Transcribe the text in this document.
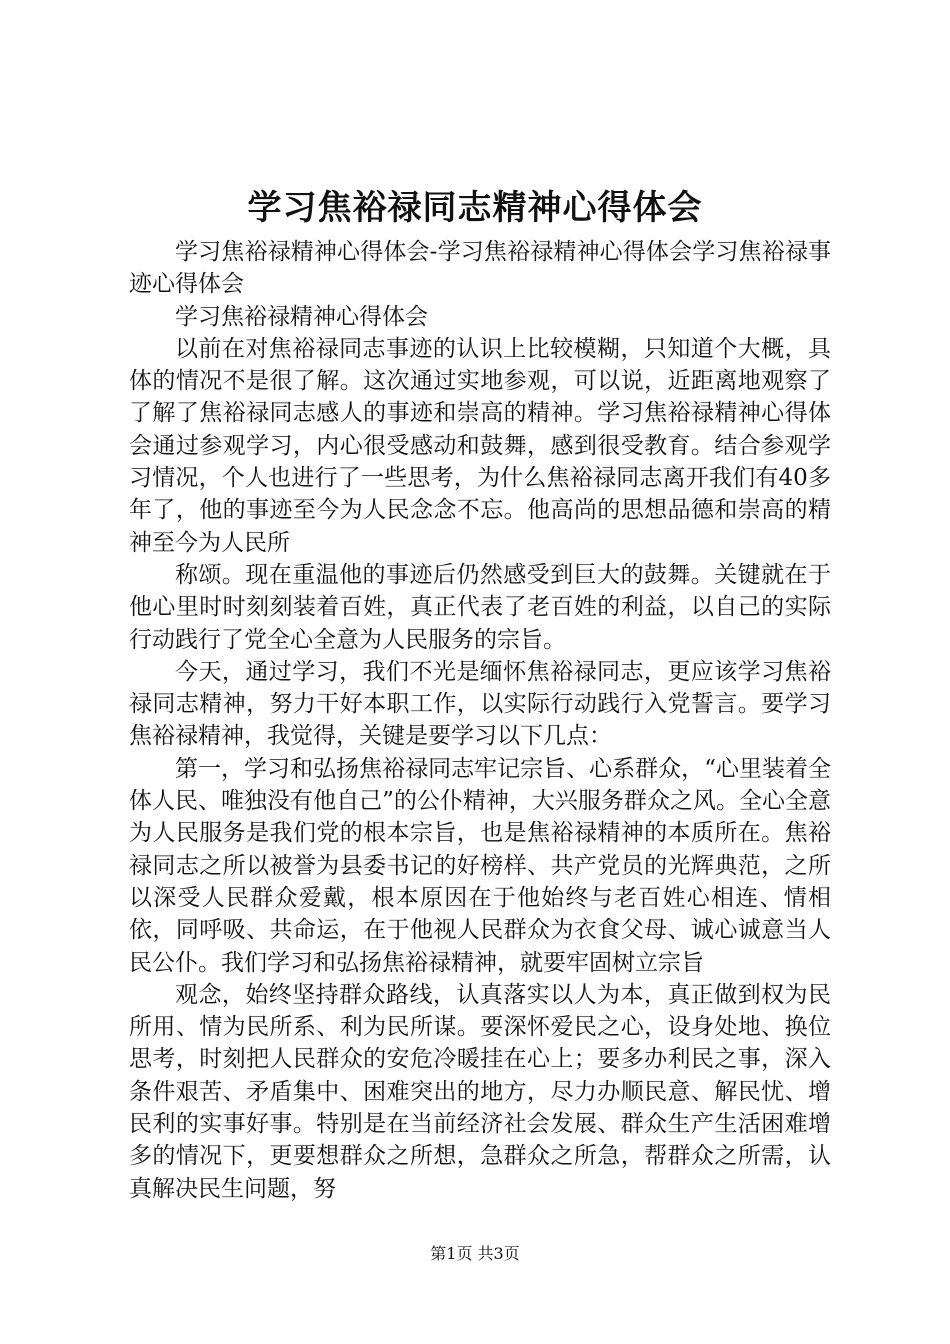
学习焦裕禄同志精神心得体会

学习焦裕禄精神心得体会-学习焦裕禄精神心得体会学习焦裕禄事迹心得体会

学习焦裕禄精神心得体会

以前在对焦裕禄同志事迹的认识上比较模糊，只知道个大概，具体的情况不是很了解。这次通过实地参观，可以说，近距离地观察了了解了焦裕禄同志感人的事迹和崇高的精神。学习焦裕禄精神心得体会通过参观学习，内心很受感动和鼓舞，感到很受教育。结合参观学习情况，个人也进行了一些思考，为什么焦裕禄同志离开我们有40多年了，他的事迹至今为人民念念不忘。他高尚的思想品德和崇高的精神至今为人民所

称颂。现在重温他的事迹后仍然感受到巨大的鼓舞。关键就在于他心里时时刻刻装着百姓，真正代表了老百姓的利益，以自己的实际行动践行了党全心全意为人民服务的宗旨。

今天，通过学习，我们不光是缅怀焦裕禄同志，更应该学习焦裕禄同志精神，努力干好本职工作，以实际行动践行入党誓言。要学习焦裕禄精神，我觉得，关键是要学习以下几点：

第一，学习和弘扬焦裕禄同志牢记宗旨、心系群众，“心里装着全体人民、唯独没有他自己”的公仆精神，大兴服务群众之风。全心全意为人民服务是我们党的根本宗旨，也是焦裕禄精神的本质所在。焦裕禄同志之所以被誉为县委书记的好榜样、共产党员的光辉典范，之所以深受人民群众爱戴，根本原因在于他始终与老百姓心相连、情相依，同呼吸、共命运，在于他视人民群众为衣食父母、诚心诚意当人民公仆。我们学习和弘扬焦裕禄精神，就要牢固树立宗旨

观念，始终坚持群众路线，认真落实以人为本，真正做到权为民所用、情为民所系、利为民所谋。要深怀爱民之心，设身处地、换位思考，时刻把人民群众的安危冷暖挂在心上；要多办利民之事，深入条件艰苦、矛盾集中、困难突出的地方，尽力办顺民意、解民忧、增民利的实事好事。特别是在当前经济社会发展、群众生产生活困难增多的情况下，更要想群众之所想，急群众之所急，帮群众之所需，认真解决民生问题，努

第1页 共3页
